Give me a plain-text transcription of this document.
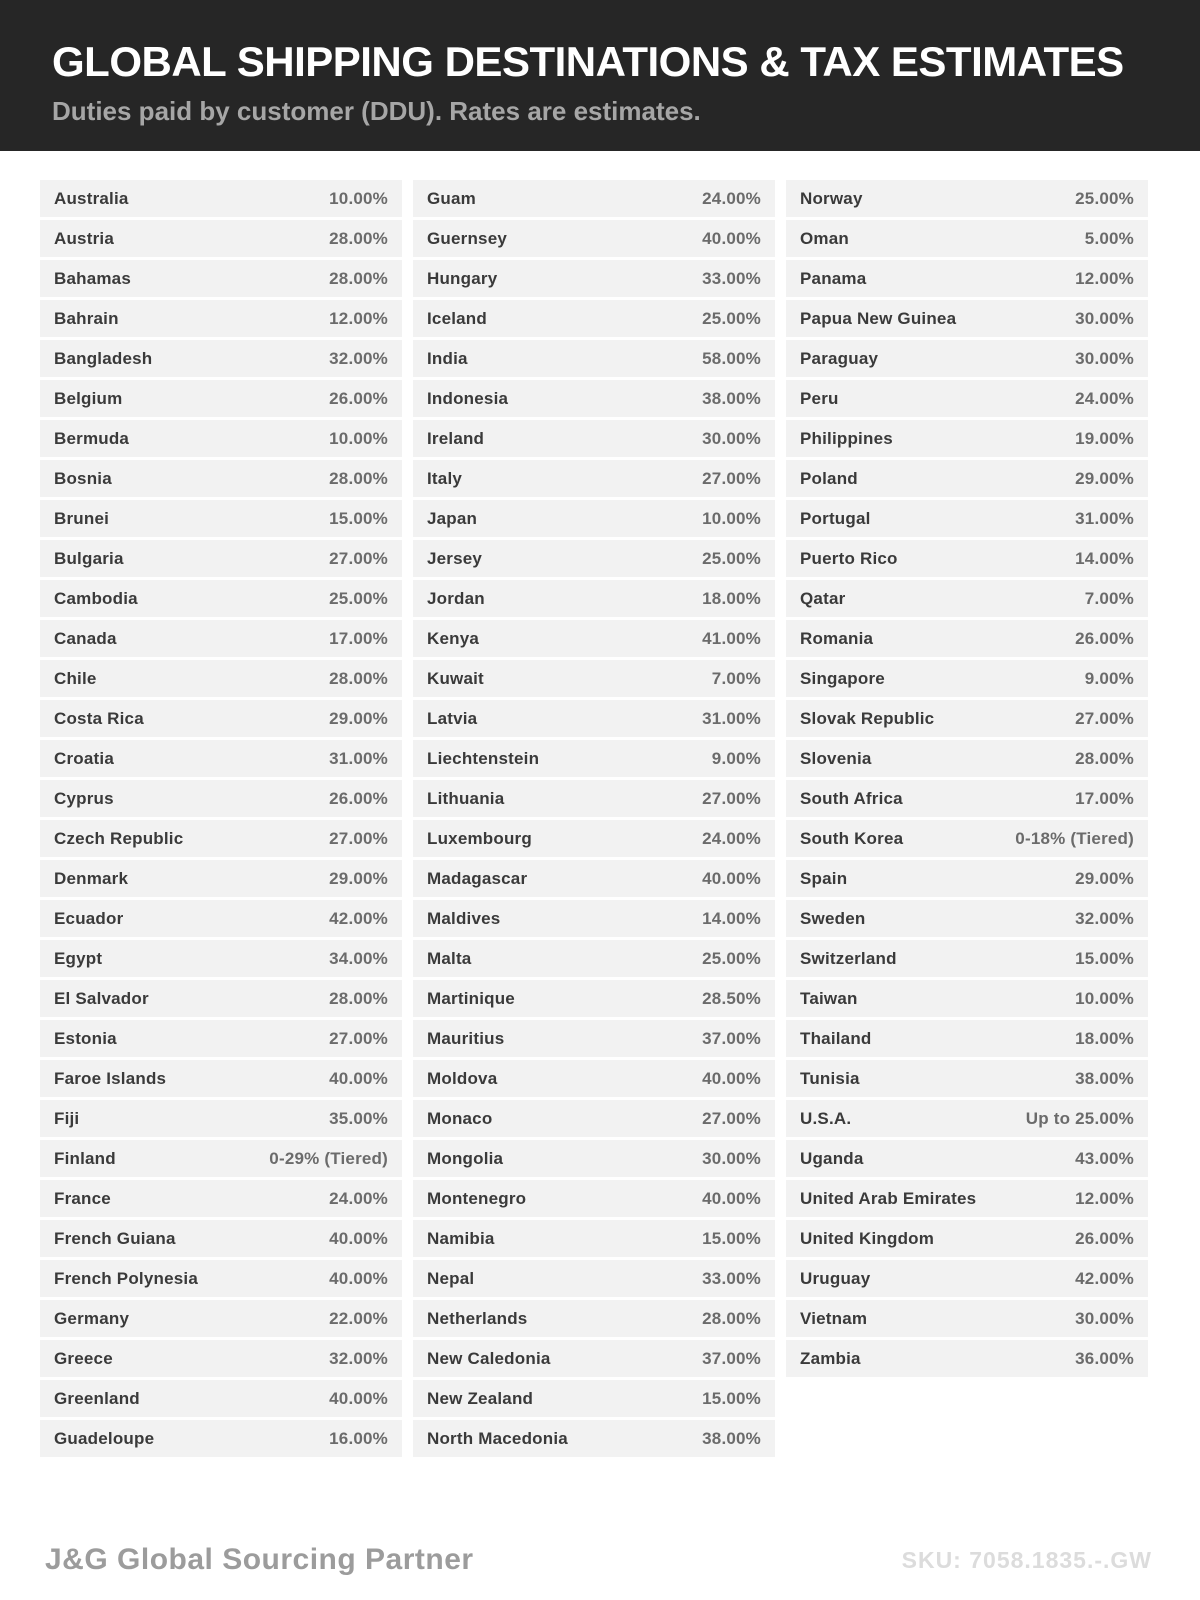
GLOBAL SHIPPING DESTINATIONS & TAX ESTIMATES

Duties paid by customer (DDU). Rates are estimates.

Australia	10.00%
Austria	28.00%
Bahamas	28.00%
Bahrain	12.00%
Bangladesh	32.00%
Belgium	26.00%
Bermuda	10.00%
Bosnia	28.00%
Brunei	15.00%
Bulgaria	27.00%
Cambodia	25.00%
Canada	17.00%
Chile	28.00%
Costa Rica	29.00%
Croatia	31.00%
Cyprus	26.00%
Czech Republic	27.00%
Denmark	29.00%
Ecuador	42.00%
Egypt	34.00%
El Salvador	28.00%
Estonia	27.00%
Faroe Islands	40.00%
Fiji	35.00%
Finland	0-29% (Tiered)
France	24.00%
French Guiana	40.00%
French Polynesia	40.00%
Germany	22.00%
Greece	32.00%
Greenland	40.00%
Guadeloupe	16.00%
Guam	24.00%
Guernsey	40.00%
Hungary	33.00%
Iceland	25.00%
India	58.00%
Indonesia	38.00%
Ireland	30.00%
Italy	27.00%
Japan	10.00%
Jersey	25.00%
Jordan	18.00%
Kenya	41.00%
Kuwait	7.00%
Latvia	31.00%
Liechtenstein	9.00%
Lithuania	27.00%
Luxembourg	24.00%
Madagascar	40.00%
Maldives	14.00%
Malta	25.00%
Martinique	28.50%
Mauritius	37.00%
Moldova	40.00%
Monaco	27.00%
Mongolia	30.00%
Montenegro	40.00%
Namibia	15.00%
Nepal	33.00%
Netherlands	28.00%
New Caledonia	37.00%
New Zealand	15.00%
North Macedonia	38.00%
Norway	25.00%
Oman	5.00%
Panama	12.00%
Papua New Guinea	30.00%
Paraguay	30.00%
Peru	24.00%
Philippines	19.00%
Poland	29.00%
Portugal	31.00%
Puerto Rico	14.00%
Qatar	7.00%
Romania	26.00%
Singapore	9.00%
Slovak Republic	27.00%
Slovenia	28.00%
South Africa	17.00%
South Korea	0-18% (Tiered)
Spain	29.00%
Sweden	32.00%
Switzerland	15.00%
Taiwan	10.00%
Thailand	18.00%
Tunisia	38.00%
U.S.A.	Up to 25.00%
Uganda	43.00%
United Arab Emirates	12.00%
United Kingdom	26.00%
Uruguay	42.00%
Vietnam	30.00%
Zambia	36.00%
J&G Global Sourcing Partner	SKU: 7058.1835.-.GW
